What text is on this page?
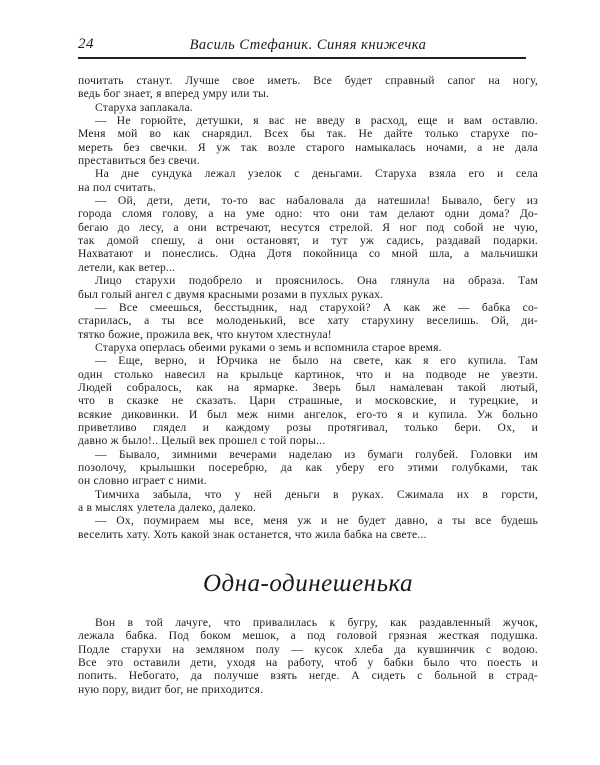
24	Василь Стефаник. Синяя книжечка
почитать станут. Лучше свое иметь. Все будет справный сапог на ногу,
ведь бог знает, я вперед умру или ты.
Старуха заплакала.
— Не горюйте, детушки, я вас не введу в расход, еще и вам оставлю.
Меня мой во как снарядил. Всех бы так. Не дайте только старухе по-
мереть без свечки. Я уж так возле старого намыкалась ночами, а не дала
преставиться без свечи.
На дне сундука лежал узелок с деньгами. Старуха взяла его и села
на пол считать.
— Ой, дети, дети, то-то вас набаловала да натешила! Бывало, бегу из
города сломя голову, а на уме одно: что они там делают одни дома? До-
бегаю до лесу, а они встречают, несутся стрелой. Я ног под собой не чую,
так домой спешу, а они остановят, и тут уж садись, раздавай подарки.
Нахватают и понеслись. Одна Дотя покойница со мной шла, а мальчишки
летели, как ветер...
Лицо старухи подобрело и прояснилось. Она глянула на образа. Там
был голый ангел с двумя красными розами в пухлых руках.
— Все смеешься, бесстыдник, над старухой? А как же — бабка со-
старилась, а ты все молоденький, все хату старухину веселишь. Ой, ди-
тятко божие, прожила век, что кнутом хлестнула!
Старуха оперлась обеими руками о земь и вспомнила старое время.
— Еще, верно, и Юрчика не было на свете, как я его купила. Там
один столько навесил на крыльце картинок, что и на подводе не увезти.
Людей собралось, как на ярмарке. Зверь был намалеван такой лютый,
что в сказке не сказать. Цари страшные, и московские, и турецкие, и
всякие диковинки. И был меж ними ангелок, его-то я и купила. Уж больно
приветливо глядел и каждому розы протягивал, только бери. Ох, и
давно ж было!.. Целый век прошел с той поры...
— Бывало, зимними вечерами наделаю из бумаги голубей. Головки им
позолочу, крылышки посеребрю, да как уберу его этими голубками, так
он словно играет с ними.
Тимчиха забыла, что у ней деньги в руках. Сжимала их в горсти,
а в мыслях улетела далеко, далеко.
— Ох, поумираем мы все, меня уж и не будет давно, а ты все будешь
веселить хату. Хоть какой знак останется, что жила бабка на свете...
Одна-одинешенька
Вон в той лачуге, что привалилась к бугру, как раздавленный жучок,
лежала бабка. Под боком мешок, а под головой грязная жесткая подушка.
Подле старухи на земляном полу — кусок хлеба да кувшинчик с водою.
Все это оставили дети, уходя на работу, чтоб у бабки было что поесть и
попить. Небогато, да получше взять негде. А сидеть с больной в страд-
ную пору, видит бог, не приходится.
